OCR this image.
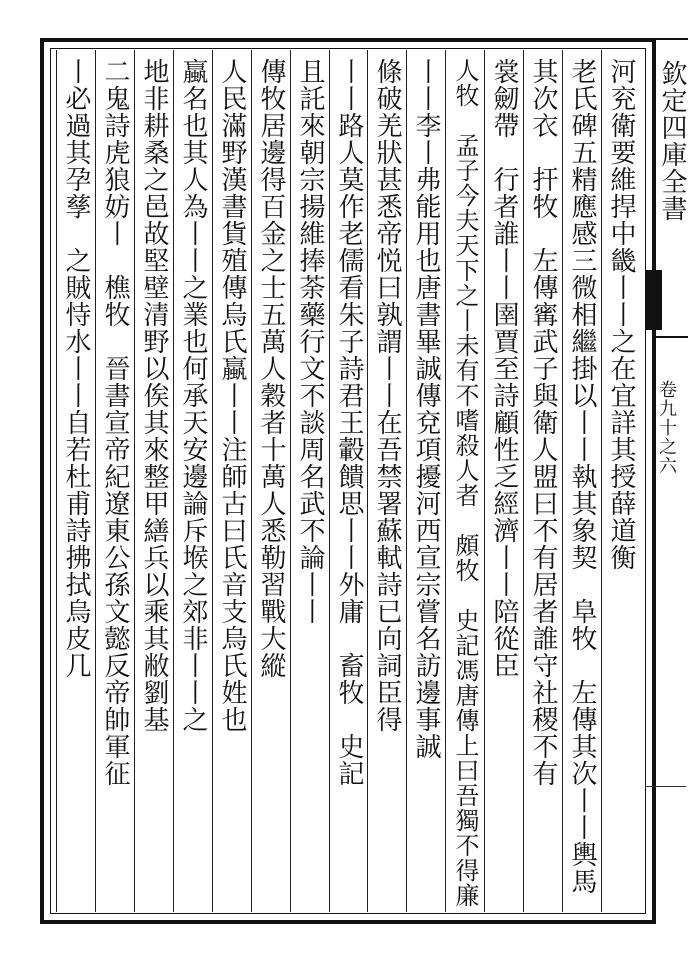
欽定四庫全書
卷九十之六
河兖衛要維捍中畿丨丨之在宜詳其授薛道衡
老氏碑五精應感三微相繼掛以丨丨執其象契　阜牧　左傳其次丨丨輿馬
其次衣　扞牧　左傳寗武子與衛人盟曰不有居者誰守社稷不有
裳劒帶　行者誰丨丨圉賈至詩顧性乏經濟丨丨陪從臣
人牧　孟子今夫天下之丨未有不嗜殺人者　頗牧　史記馮唐傳上曰吾獨不得廉
丨丨李丨弗能用也唐書畢誠傳兗項擾河西宣宗嘗名訪邊事誠
條破羌狀甚悉帝悦曰孰謂丨丨在吾禁署蘇軾詩已向詞臣得
丨丨路人莫作老儒看朱子詩君王轂饋思丨丨外庸　畜牧　史記
且託來朝宗揚維捧荼藥行文不談周名武不論丨丨
傳牧居邊得百金之士五萬人穀者十萬人悉勒習戰大縱
人民滿野漢書貨殖傳烏氏蠃丨丨注師古曰氏音支烏氏姓也
蠃名也其人為丨丨之業也何承天安邊論斥堠之郊非丨丨之
地非耕桑之邑故堅壁清野以俟其來整甲繕兵以乘其敝劉基
二鬼詩虎狼妨丨　樵牧　晉書宣帝紀遼東公孫文懿反帝帥軍征
丨必過其孕孳　之賊恃水丨丨自若杜甫詩拂拭烏皮几
